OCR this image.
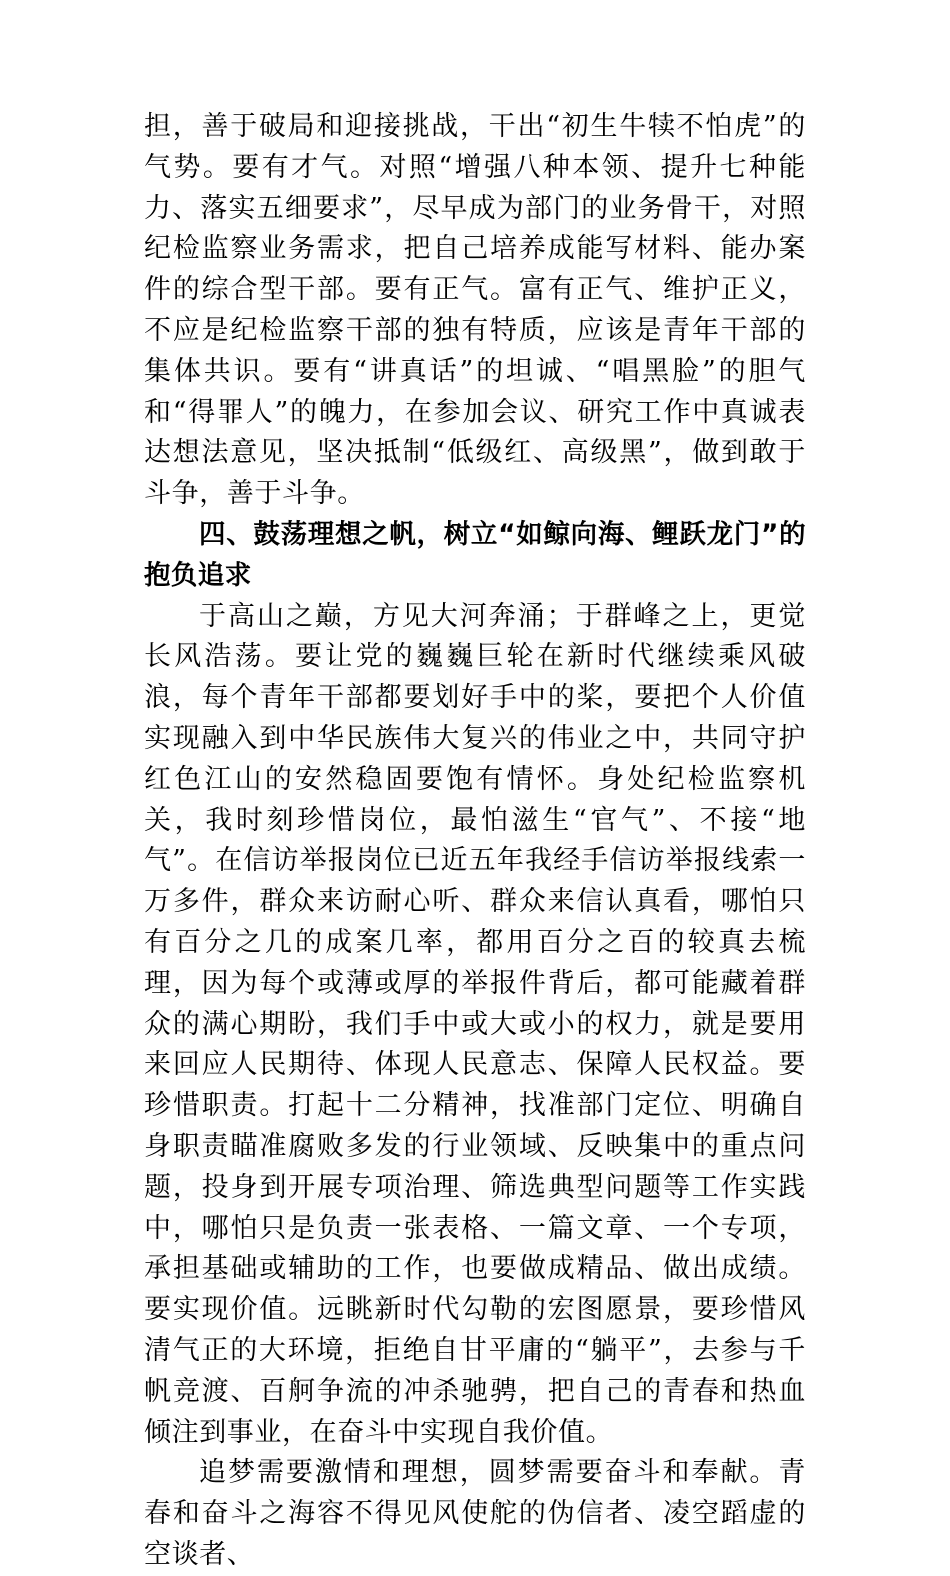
担，善于破局和迎接挑战，干出“初生牛犊不怕虎”的气势。要有才气。对照“增强八种本领、提升七种能力、落实五细要求”，尽早成为部门的业务骨干，对照纪检监察业务需求，把自己培养成能写材料、能办案件的综合型干部。要有正气。富有正气、维护正义，不应是纪检监察干部的独有特质，应该是青年干部的集体共识。要有“讲真话”的坦诚、“唱黑脸”的胆气和“得罪人”的魄力，在参加会议、研究工作中真诚表达想法意见，坚决抵制“低级红、高级黑”，做到敢于斗争，善于斗争。

四、鼓荡理想之帆，树立“如鲸向海、鲤跃龙门”的抱负追求

于高山之巅，方见大河奔涌；于群峰之上，更觉长风浩荡。要让党的巍巍巨轮在新时代继续乘风破浪，每个青年干部都要划好手中的桨，要把个人价值实现融入到中华民族伟大复兴的伟业之中，共同守护红色江山的安然稳固要饱有情怀。身处纪检监察机关，我时刻珍惜岗位，最怕滋生“官气”、不接“地气”。在信访举报岗位已近五年我经手信访举报线索一万多件，群众来访耐心听、群众来信认真看，哪怕只有百分之几的成案几率，都用百分之百的较真去梳理，因为每个或薄或厚的举报件背后，都可能藏着群众的满心期盼，我们手中或大或小的权力，就是要用来回应人民期待、体现人民意志、保障人民权益。要珍惜职责。打起十二分精神，找准部门定位、明确自身职责瞄准腐败多发的行业领域、反映集中的重点问题，投身到开展专项治理、筛选典型问题等工作实践中，哪怕只是负责一张表格、一篇文章、一个专项，承担基础或辅助的工作，也要做成精品、做出成绩。要实现价值。远眺新时代勾勒的宏图愿景，要珍惜风清气正的大环境，拒绝自甘平庸的“躺平”，去参与千帆竞渡、百舸争流的冲杀驰骋，把自己的青春和热血倾注到事业，在奋斗中实现自我价值。

追梦需要激情和理想，圆梦需要奋斗和奉献。青春和奋斗之海容不得见风使舵的伪信者、凌空蹈虚的空谈者、
